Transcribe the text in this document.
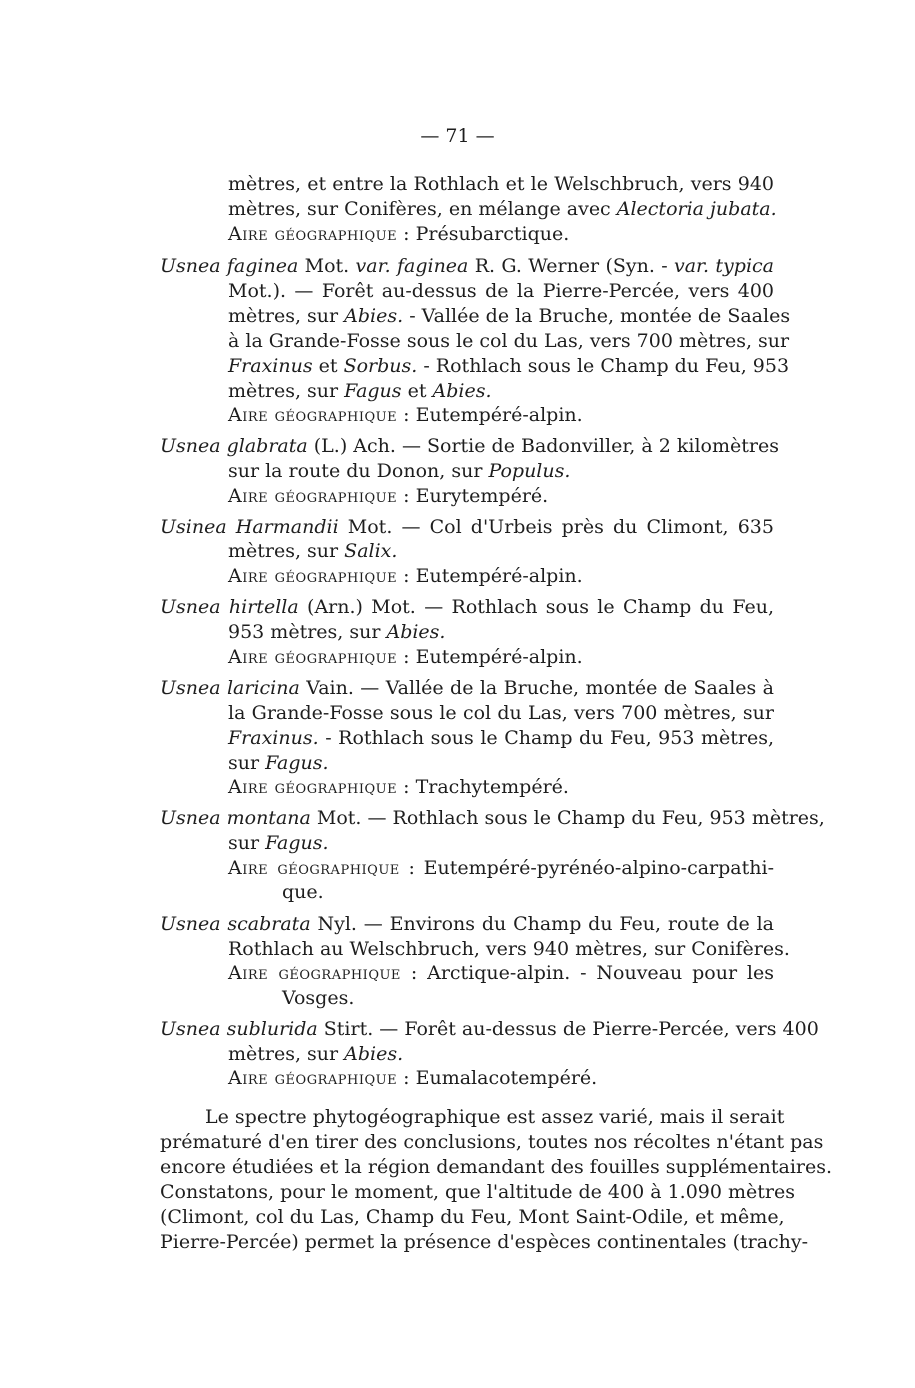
— 71 —
mètres, et entre la Rothlach et le Welschbruch, vers 940
mètres, sur Conifères, en mélange avec Alectoria jubata.
Aire géographique : Présubarctique.
Usnea faginea Mot. var. faginea R. G. Werner (Syn. - var. typica
Mot.). — Forêt au-dessus de la Pierre-Percée, vers 400
mètres, sur Abies. - Vallée de la Bruche, montée de Saales
à la Grande-Fosse sous le col du Las, vers 700 mètres, sur
Fraxinus et Sorbus. - Rothlach sous le Champ du Feu, 953
mètres, sur Fagus et Abies.
Aire géographique : Eutempéré-alpin.
Usnea glabrata (L.) Ach. — Sortie de Badonviller, à 2 kilomètres
sur la route du Donon, sur Populus.
Aire géographique : Eurytempéré.
Usinea Harmandii Mot. — Col d'Urbeis près du Climont, 635
mètres, sur Salix.
Aire géographique : Eutempéré-alpin.
Usnea hirtella (Arn.) Mot. — Rothlach sous le Champ du Feu,
953 mètres, sur Abies.
Aire géographique : Eutempéré-alpin.
Usnea laricina Vain. — Vallée de la Bruche, montée de Saales à
la Grande-Fosse sous le col du Las, vers 700 mètres, sur
Fraxinus. - Rothlach sous le Champ du Feu, 953 mètres,
sur Fagus.
Aire géographique : Trachytempéré.
Usnea montana Mot. — Rothlach sous le Champ du Feu, 953 mètres,
sur Fagus.
Aire géographique : Eutempéré-pyrénéo-alpino-carpathi-
que.
Usnea scabrata Nyl. — Environs du Champ du Feu, route de la
Rothlach au Welschbruch, vers 940 mètres, sur Conifères.
Aire géographique : Arctique-alpin. - Nouveau pour les
Vosges.
Usnea sublurida Stirt. — Forêt au-dessus de Pierre-Percée, vers 400
mètres, sur Abies.
Aire géographique : Eumalacotempéré.
Le spectre phytogéographique est assez varié, mais il serait
prématuré d'en tirer des conclusions, toutes nos récoltes n'étant pas
encore étudiées et la région demandant des fouilles supplémentaires.
Constatons, pour le moment, que l'altitude de 400 à 1.090 mètres
(Climont, col du Las, Champ du Feu, Mont Saint-Odile, et même,
Pierre-Percée) permet la présence d'espèces continentales (trachy-
